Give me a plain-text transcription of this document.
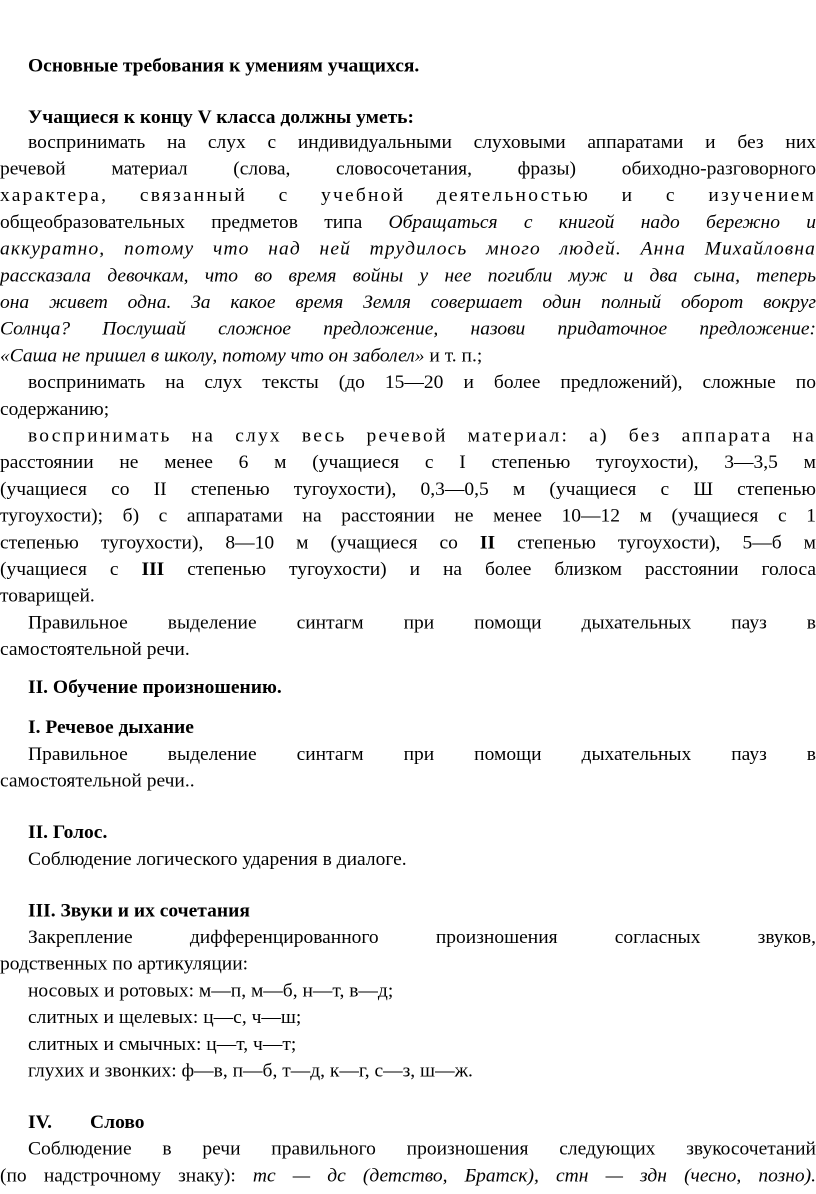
Основные требования к умениям учащихся.

Учащиеся к концу V класса должны уметь:

воспринимать на слух с индивидуальными слуховыми аппаратами и без них

речевой материал (слова, словосочетания, фразы) обиходно-разговорного

характера, связанный с учебной деятельностью и с изучением

общеобразовательных предметов типа Обращаться с книгой надо бережно и

аккуратно, потому что над ней трудилось много людей. Анна Михайловна

рассказала девочкам, что во время войны у нее погибли муж и два сына, теперь

она живет одна. За какое время Земля совершает один полный оборот вокруг

Солнца? Послушай сложное предложение, назови придаточное предложение:

«Саша не пришел в школу, потому что он заболел» и т. п.;

воспринимать на слух тексты (до 15—20 и более предложений), сложные по

содержанию;

воспринимать на слух весь речевой материал: а) без аппарата на

расстоянии не менее 6 м (учащиеся с I степенью тугоухости), 3—3,5 м

(учащиеся со II степенью тугоухости), 0,3—0,5 м (учащиеся с Ш степенью

тугоухости); б) с аппаратами на расстоянии не менее 10—12 м (учащиеся с 1

степенью тугоухости), 8—10 м (учащиеся со II степенью тугоухости), 5—б м

(учащиеся с III степенью тугоухости) и на более близком расстоянии голоса

товарищей.

Правильное выделение синтагм при помощи дыхательных пауз в

самостоятельной речи.

II. Обучение произношению.

I. Речевое дыхание

Правильное выделение синтагм при помощи дыхательных пауз в

самостоятельной речи..

II. Голос.

Соблюдение логического ударения в диалоге.

III. Звуки и их сочетания

Закрепление дифференцированного произношения согласных звуков,

родственных по артикуляции:

носовых и ротовых: м—п, м—б, н—т, в—д;

слитных и щелевых: ц—с, ч—ш;

слитных и смычных: ц—т, ч—т;

глухих и звонких: ф—в, п—б, т—д, к—г, с—з, ш—ж.

IV. Слово

Соблюдение в речи правильного произношения следующих звукосочетаний

(по надстрочному знаку): тс — дс (детство, Братск), стн — здн (чесно, позно).
